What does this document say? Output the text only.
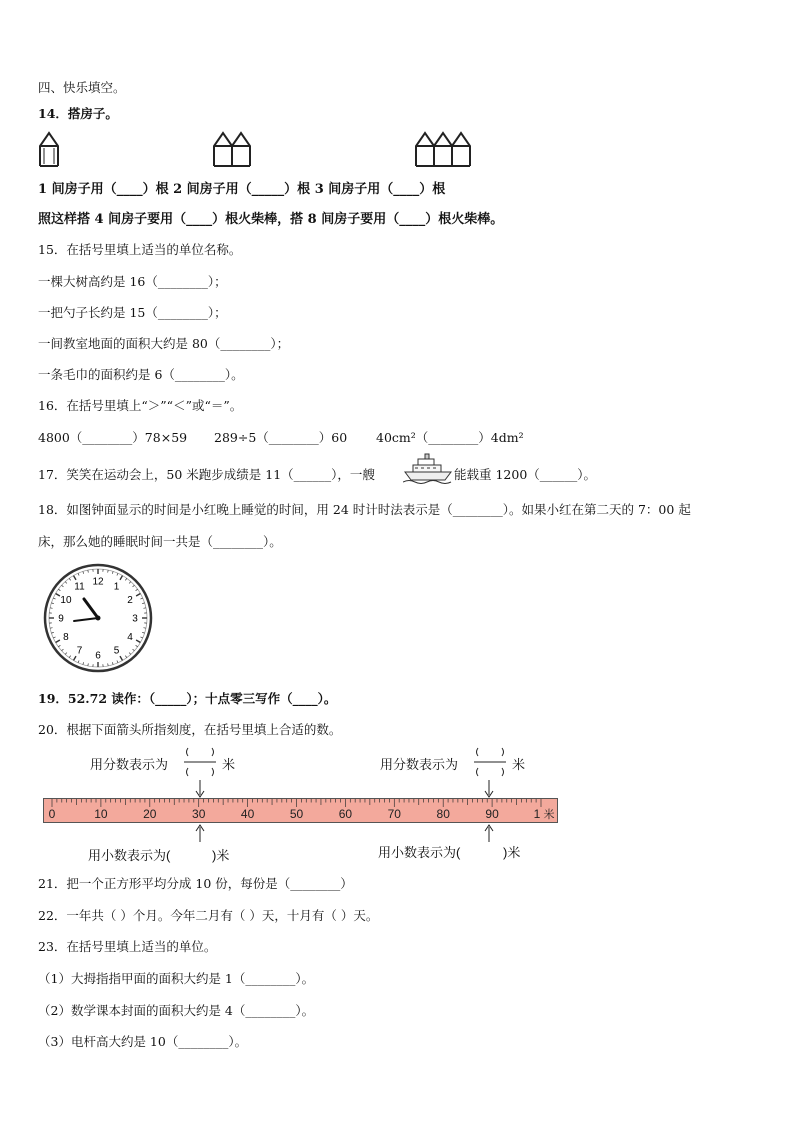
四、快乐填空。
14．搭房子。
1 间房子用（____）根 2 间房子用（_____）根 3 间房子用（____）根
照这样搭 4 间房子要用（____）根火柴棒，搭 8 间房子要用（____）根火柴棒。
15．在括号里填上适当的单位名称。
一棵大树高约是 16（________）；
一把勺子长约是 15（________）；
一间教室地面的面积大约是 80（________）；
一条毛巾的面积约是 6（________）。
16．在括号里填上“＞”“＜”或“＝”。
4800（________）78×59 289÷5（________）60 40cm²（________）4dm²
17．笑笑在运动会上，50 米跑步成绩是 11（______），一艘	能载重 1200（______）。
18．如图钟面显示的时间是小红晚上睡觉的时间，用 24 时计时法表示是（________）。如果小红在第二天的 7：00 起
床，那么她的睡眠时间一共是（________）。
12 1
2
3
4
5
6
7
8
9
10
11
19．52.72 读作：（_____）；十点零三写作（____）。
20．根据下面箭头所指刻度，在括号里填上合适的数。
用分数表示为	米	用分数表示为	米
0	10	20	30	40	50	60	70	80	90	1 米
用小数表示为(	)米	用小数表示为(	)米
21．把一个正方形平均分成 10 份，每份是（________）
22．一年共（ ）个月。今年二月有（ ）天，十月有（ ）天。
23．在括号里填上适当的单位。
（1）大拇指指甲面的面积大约是 1（________）。
（2）数学课本封面的面积大约是 4（________）。
（3）电杆高大约是 10（________）。
